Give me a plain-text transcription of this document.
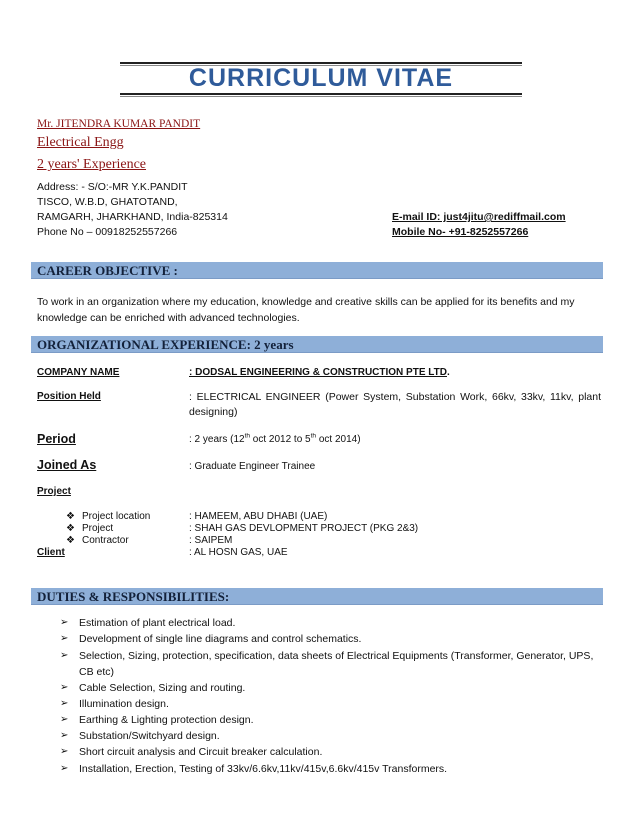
CURRICULUM VITAE
Mr. JITENDRA KUMAR PANDIT
Electrical Engg
2 years' Experience
Address: - S/O:-MR Y.K.PANDIT
TISCO, W.B.D, GHATOTAND,
RAMGARH, JHARKHAND, India-825314
Phone No – 00918252557266
E-mail ID: just4jitu@rediffmail.com
Mobile No- +91-8252557266
CAREER OBJECTIVE :
To work in an organization where my education, knowledge and creative skills can be applied for its benefits and my knowledge can be enriched with advanced technologies.
ORGANIZATIONAL EXPERIENCE: 2 years
COMPANY NAME	: DODSAL ENGINEERING & CONSTRUCTION PTE LTD.
Position Held	: ELECTRICAL ENGINEER (Power System, Substation Work, 66kv, 33kv, 11kv, plant
designing)
Period	: 2 years (12th oct 2012 to 5th oct 2014)
Joined As	: Graduate Engineer Trainee
Project
❖ Project location	: HAMEEM, ABU DHABI (UAE)
❖ Project	: SHAH GAS DEVLOPMENT PROJECT (PKG 2&3)
❖ Contractor	: SAIPEM
Client	: AL HOSN GAS, UAE
DUTIES & RESPONSIBILITIES:
➢ Estimation of plant electrical load.
➢ Development of single line diagrams and control schematics.
➢ Selection, Sizing, protection, specification, data sheets of Electrical Equipments (Transformer, Generator, UPS, CB etc)
➢ Cable Selection, Sizing and routing.
➢ Illumination design.
➢ Earthing & Lighting protection design.
➢ Substation/Switchyard design.
➢ Short circuit analysis and Circuit breaker calculation.
➢ Installation, Erection, Testing of 33kv/6.6kv,11kv/415v,6.6kv/415v Transformers.
